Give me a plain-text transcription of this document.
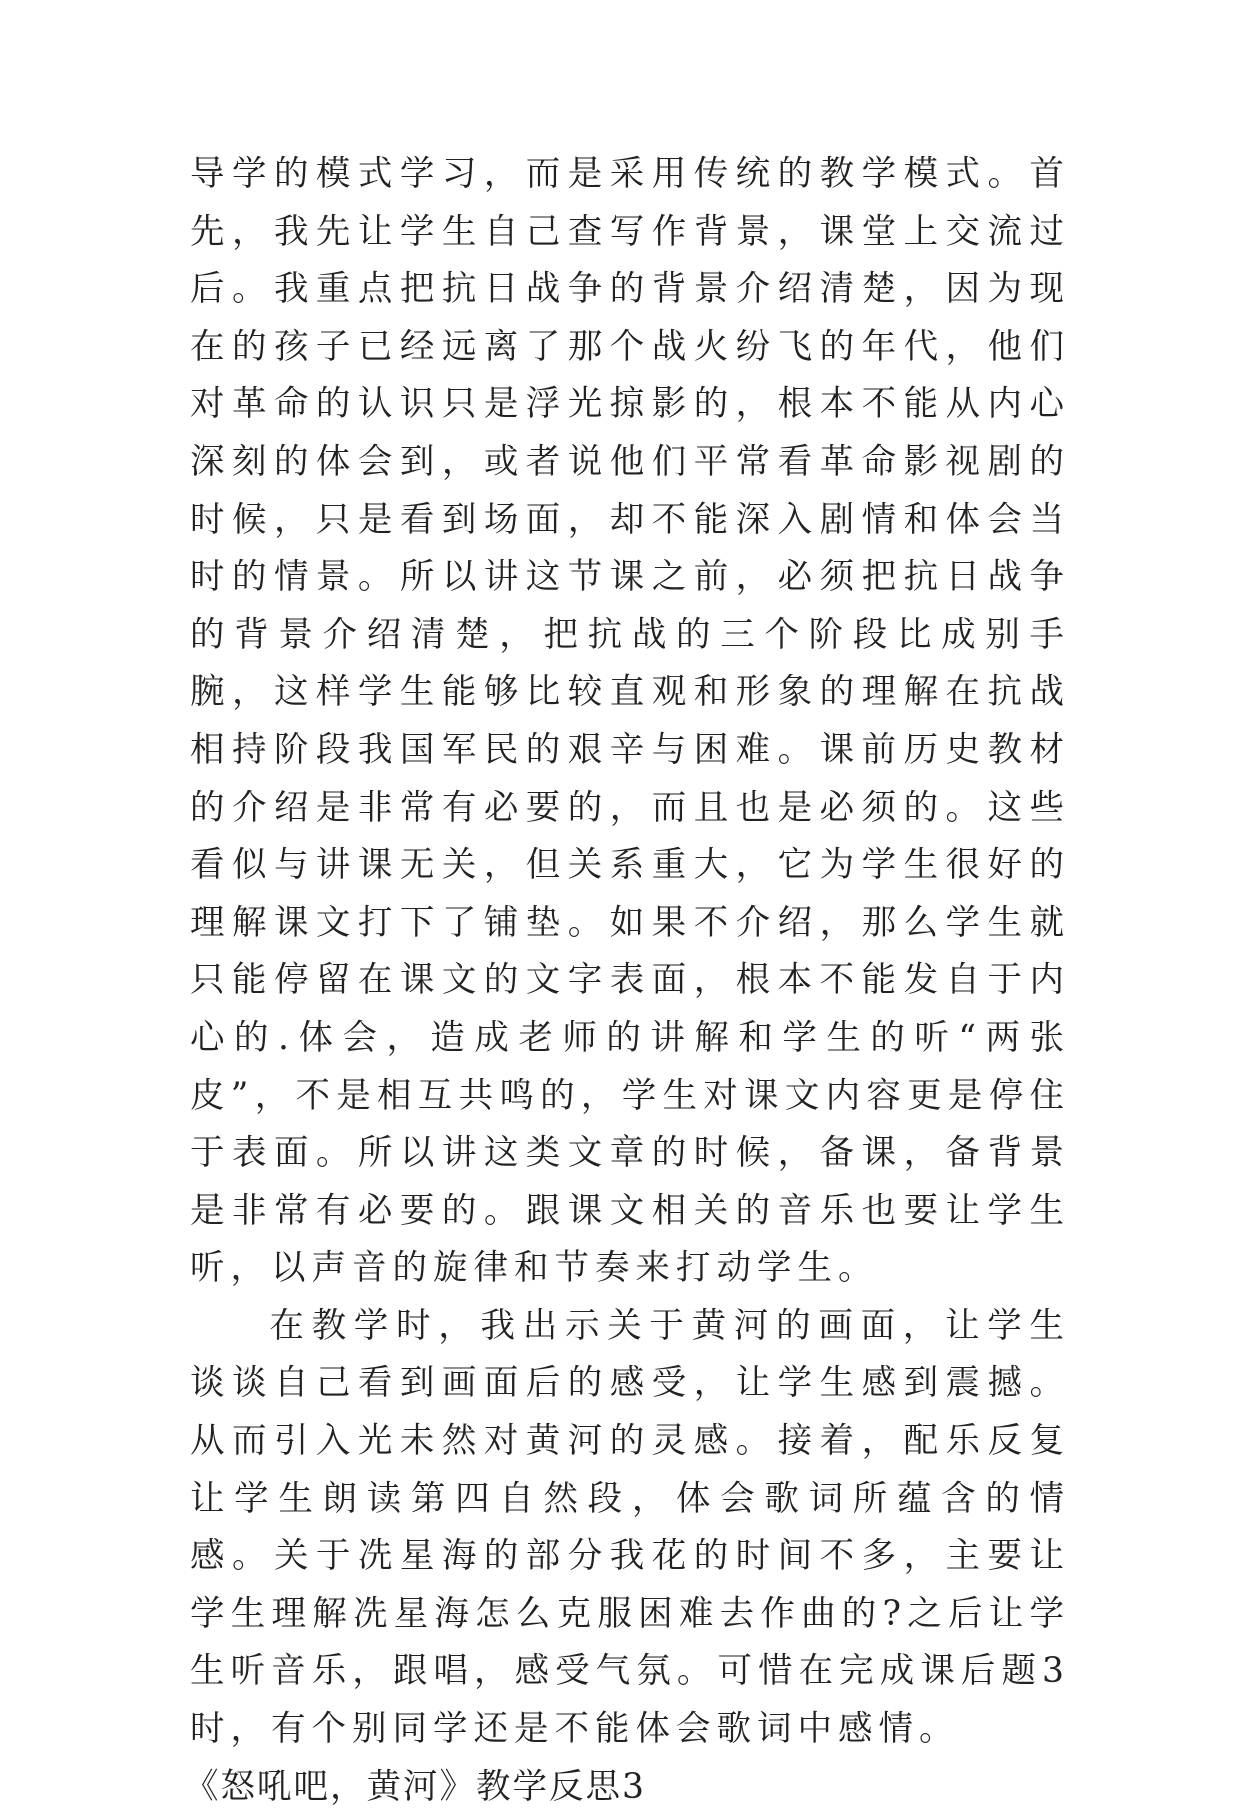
导学的模式学习，而是采用传统的教学模式。首先，我先让学生自己查写作背景，课堂上交流过后。我重点把抗日战争的背景介绍清楚，因为现在的孩子已经远离了那个战火纷飞的年代，他们对革命的认识只是浮光掠影的，根本不能从内心深刻的体会到，或者说他们平常看革命影视剧的时候，只是看到场面，却不能深入剧情和体会当时的情景。所以讲这节课之前，必须把抗日战争的背景介绍清楚，把抗战的三个阶段比成别手腕，这样学生能够比较直观和形象的理解在抗战相持阶段我国军民的艰辛与困难。课前历史教材的介绍是非常有必要的，而且也是必须的。这些看似与讲课无关，但关系重大，它为学生很好的理解课文打下了铺垫。如果不介绍，那么学生就只能停留在课文的文字表面，根本不能发自于内心的.体会，造成老师的讲解和学生的听“两张皮”，不是相互共鸣的，学生对课文内容更是停住于表面。所以讲这类文章的时候，备课，备背景是非常有必要的。跟课文相关的音乐也要让学生听，以声音的旋律和节奏来打动学生。

在教学时，我出示关于黄河的画面，让学生谈谈自己看到画面后的感受，让学生感到震撼。从而引入光未然对黄河的灵感。接着，配乐反复让学生朗读第四自然段，体会歌词所蕴含的情感。关于冼星海的部分我花的时间不多，主要让学生理解冼星海怎么克服困难去作曲的?之后让学生听音乐，跟唱，感受气氛。可惜在完成课后题3时，有个别同学还是不能体会歌词中感情。

《怒吼吧，黄河》教学反思3
